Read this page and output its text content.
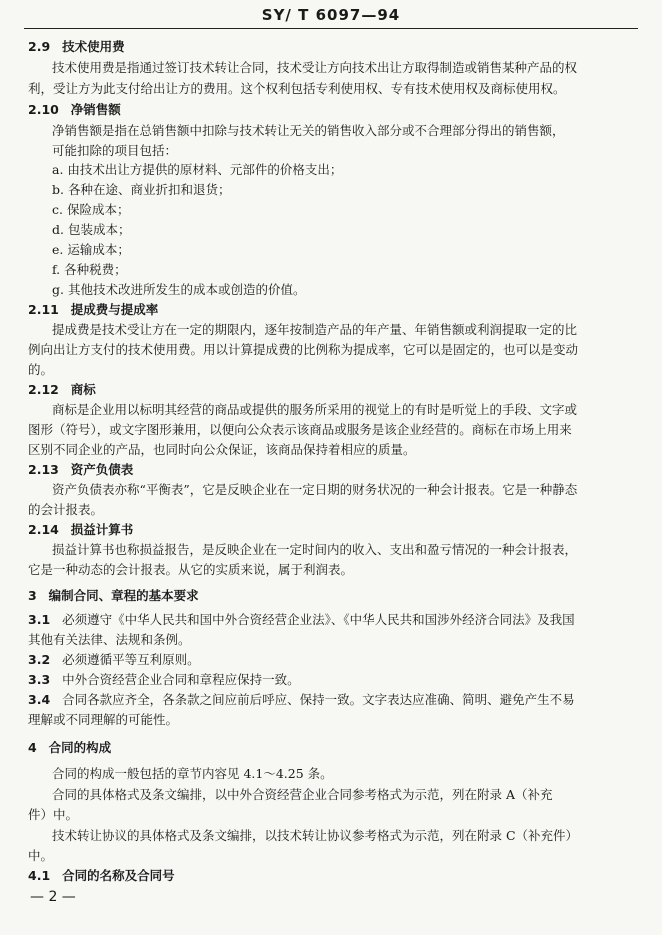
SY/ T 6097—94
2.9 技术使用费
技术使用费是指通过签订技术转让合同，技术受让方向技术出让方取得制造或销售某种产品的权
利，受让方为此支付给出让方的费用。这个权利包括专利使用权、专有技术使用权及商标使用权。
2.10 净销售额
净销售额是指在总销售额中扣除与技术转让无关的销售收入部分或不合理部分得出的销售额，
可能扣除的项目包括：
a. 由技术出让方提供的原材料、元部件的价格支出；
b. 各种在途、商业折扣和退货；
c. 保险成本；
d. 包装成本；
e. 运输成本；
f. 各种税费；
g. 其他技术改进所发生的成本或创造的价值。
2.11 提成费与提成率
提成费是技术受让方在一定的期限内，逐年按制造产品的年产量、年销售额或利润提取一定的比
例向出让方支付的技术使用费。用以计算提成费的比例称为提成率，它可以是固定的，也可以是变动
的。
2.12 商标
商标是企业用以标明其经营的商品或提供的服务所采用的视觉上的有时是听觉上的手段、文字或
图形（符号），或文字图形兼用，以便向公众表示该商品或服务是该企业经营的。商标在市场上用来
区别不同企业的产品，也同时向公众保证，该商品保持着相应的质量。
2.13 资产负债表
资产负债表亦称“平衡表”，它是反映企业在一定日期的财务状况的一种会计报表。它是一种静态
的会计报表。
2.14 损益计算书
损益计算书也称损益报告，是反映企业在一定时间内的收入、支出和盈亏情况的一种会计报表，
它是一种动态的会计报表。从它的实质来说，属于利润表。
3 编制合同、章程的基本要求
3.1 必须遵守《中华人民共和国中外合资经营企业法》、《中华人民共和国涉外经济合同法》及我国
其他有关法律、法规和条例。
3.2 必须遵循平等互利原则。
3.3 中外合资经营企业合同和章程应保持一致。
3.4 合同各款应齐全，各条款之间应前后呼应、保持一致。文字表达应准确、简明、避免产生不易
理解或不同理解的可能性。
4 合同的构成
合同的构成一般包括的章节内容见 4.1～4.25 条。
合同的具体格式及条文编排，以中外合资经营企业合同参考格式为示范，列在附录 A（补充
件）中。
技术转让协议的具体格式及条文编排，以技术转让协议参考格式为示范，列在附录 C（补充件）
中。
4.1 合同的名称及合同号
— 2 —
